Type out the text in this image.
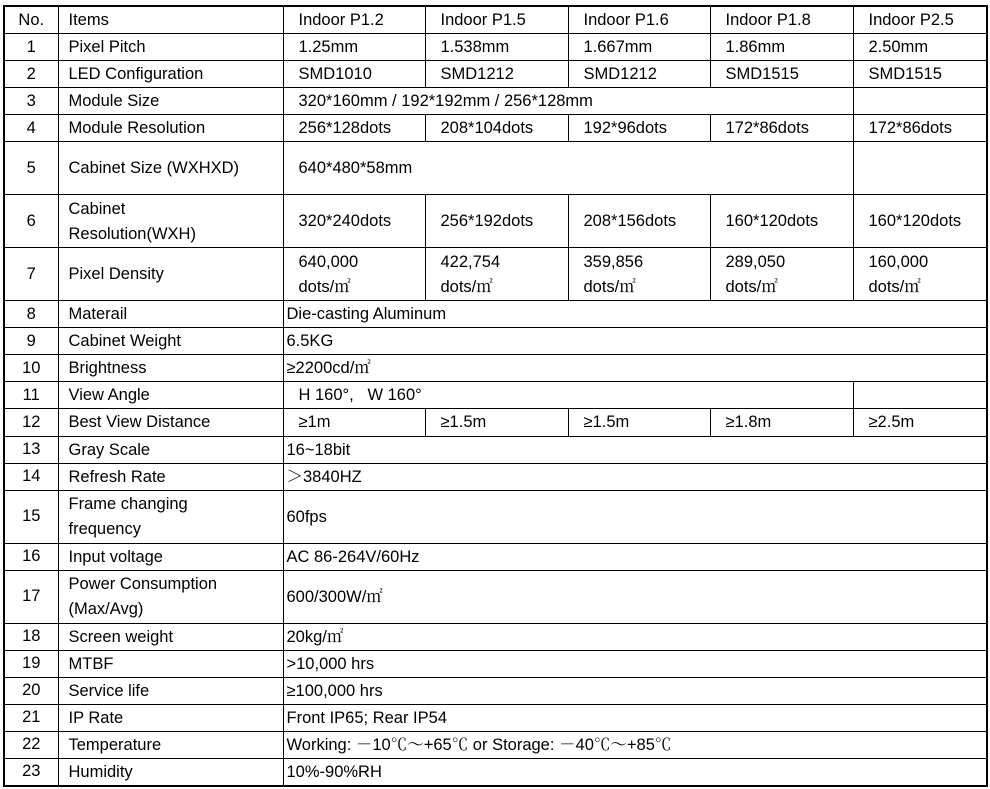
No.	Items	Indoor P1.2	Indoor P1.5	Indoor P1.6	Indoor P1.8	Indoor P2.5
1	Pixel Pitch	1.25mm	1.538mm	1.667mm	1.86mm	2.50mm
2	LED Configuration	SMD1010	SMD1212	SMD1212	SMD1515	SMD1515
3	Module Size	320*160mm / 192*192mm / 256*128mm				
4	Module Resolution	256*128dots	208*104dots	192*96dots	172*86dots	172*86dots
5	Cabinet Size (WXHXD)	640*480*58mm				
6	Cabinet Resolution(WXH)	320*240dots	256*192dots	208*156dots	160*120dots	160*120dots
7	Pixel Density	640,000 dots/㎡	422,754 dots/㎡	359,856 dots/㎡	289,050 dots/㎡	160,000 dots/㎡
8	Materail	Die-casting Aluminum				
9	Cabinet Weight	6.5KG				
10	Brightness	≥2200cd/㎡				
11	View Angle	H 160°,   W 160°				
12	Best View Distance	≥1m	≥1.5m	≥1.5m	≥1.8m	≥2.5m
13	Gray Scale	16~18bit				
14	Refresh Rate	＞3840HZ				
15	Frame changing frequency	60fps				
16	Input voltage	AC 86-264V/60Hz				
17	Power Consumption (Max/Avg)	600/300W/㎡				
18	Screen weight	20kg/㎡				
19	MTBF	>10,000 hrs				
20	Service life	≥100,000 hrs				
21	IP Rate	Front IP65; Rear IP54				
22	Temperature	Working: －10℃～+65℃ or Storage: －40℃～+85℃				
23	Humidity	10%-90%RH				
